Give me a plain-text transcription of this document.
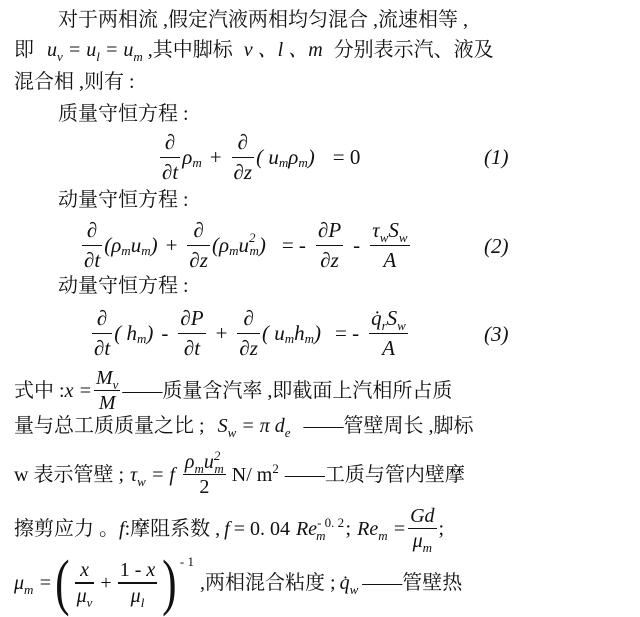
对于两相流 ,假定汽液两相均匀混合 ,流速相等 ,
即 $u_v = u_l = u_m$ ,其中脚标 v 、l 、m 分别表示汽、液及
混合相 ,则有 :
质量守恒方程 :
$\frac{\partial}{\partial t}$ ρ $m + \frac{\partial}{\partial z}$ ( u m ρ m ) = 0	(1)
动量守恒方程 :
$\frac{\partial}{\partial t} (\rho$ m u m ) + $\frac{\partial}{\partial z} (\rho$ m u 2
m ) = - $\frac{\partial P}{\partial z} - \frac{\tau_wS_w}{A}$	(2)
动量守恒方程 :
$\frac{\partial}{\partial t}$ ( h m ) - $\frac{\partial P}{\partial t} + \frac{\partial}{\partial z}$ ( u m h m ) = - $\frac{q̇_rS_w}{A}$	(3)
式中 : $x = \frac{M_v}{M}$ ——质量含汽率 ,即截面上汽相所占质
量与总工质质量之比 ; $S_w = \pi$ $d_e$ ——管壁周长 ,脚标
w 表示管壁 ; $\tau_w = f \frac{\rho_mu^2_m}{2} N/$ $m^2$ ——工质与管内壁摩
擦剪应力 。 f :摩阻系数 , f = 0. 04 $Re^{- 0. 2}_m$ ; $Re_m = \frac{Gd}{\mu_m}$ ;
$\mu_m$ = ( $\frac{x}{\mu_v} + \frac{1 - x}{\mu_l}$ ) - 1
,两相混合粘度 ; $q̇_w$ ——管壁热
